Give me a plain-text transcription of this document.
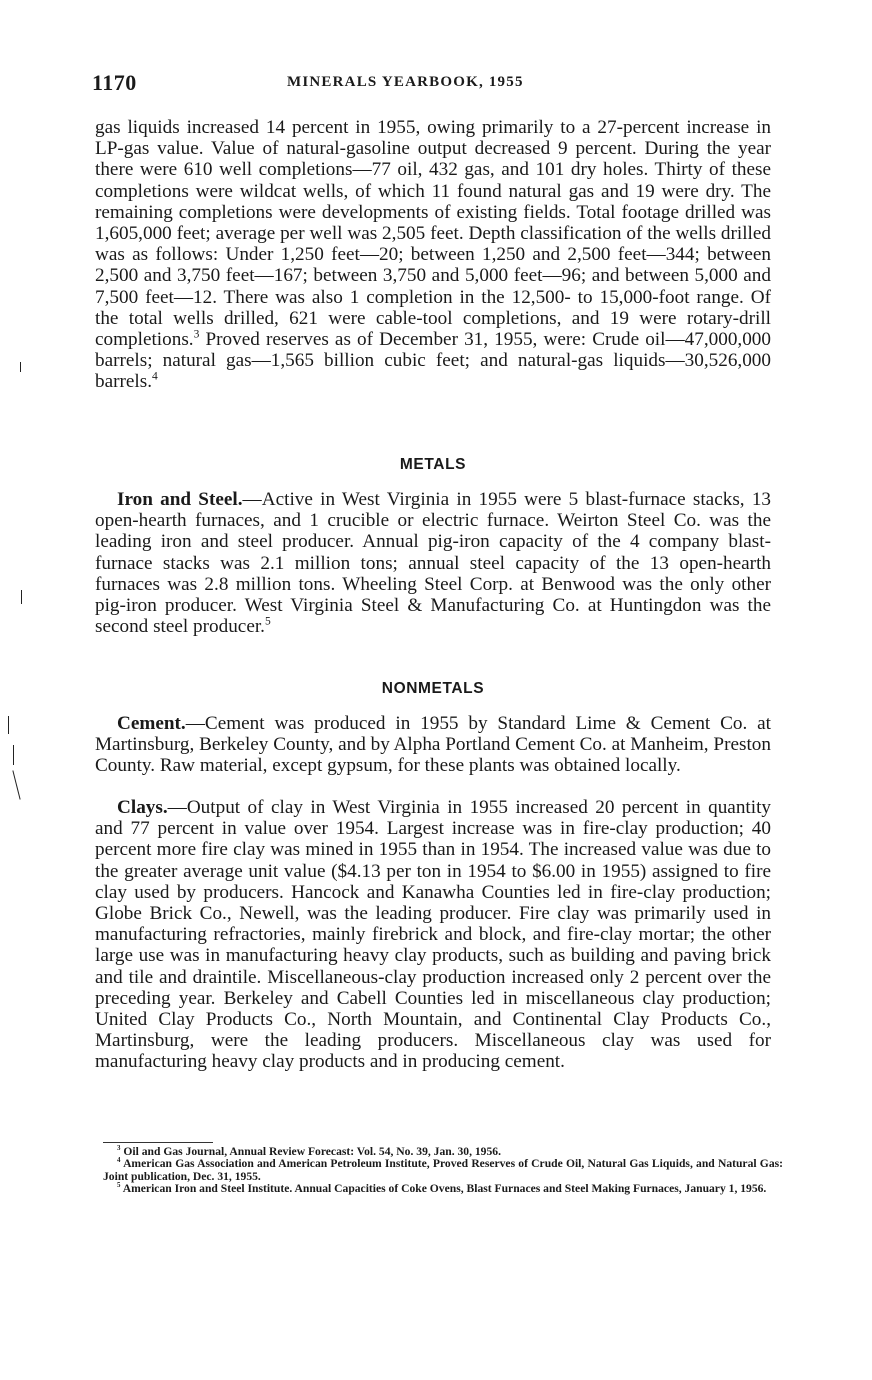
1170	MINERALS YEARBOOK, 1955
gas liquids increased 14 percent in 1955, owing primarily to a 27-percent increase in LP-gas value. Value of natural-gasoline output decreased 9 percent. During the year there were 610 well completions—77 oil, 432 gas, and 101 dry holes. Thirty of these completions were wildcat wells, of which 11 found natural gas and 19 were dry. The remaining completions were developments of existing fields. Total footage drilled was 1,605,000 feet; average per well was 2,505 feet. Depth classification of the wells drilled was as follows: Under 1,250 feet—20; between 1,250 and 2,500 feet—344; between 2,500 and 3,750 feet—167; between 3,750 and 5,000 feet—96; and between 5,000 and 7,500 feet—12. There was also 1 completion in the 12,500- to 15,000-foot range. Of the total wells drilled, 621 were cable-tool completions, and 19 were rotary-drill completions.$^3$ Proved reserves as of December 31, 1955, were: Crude oil—47,000,000 barrels; natural gas—1,565 billion cubic feet; and natural-gas liquids—30,526,000 barrels.$^4$
METALS
Iron and Steel.—Active in West Virginia in 1955 were 5 blast-furnace stacks, 13 open-hearth furnaces, and 1 crucible or electric furnace. Weirton Steel Co. was the leading iron and steel producer. Annual pig-iron capacity of the 4 company blast-furnace stacks was 2.1 million tons; annual steel capacity of the 13 open-hearth furnaces was 2.8 million tons. Wheeling Steel Corp. at Benwood was the only other pig-iron producer. West Virginia Steel & Manufacturing Co. at Huntingdon was the second steel producer.$^5$
NONMETALS
Cement.—Cement was produced in 1955 by Standard Lime & Cement Co. at Martinsburg, Berkeley County, and by Alpha Portland Cement Co. at Manheim, Preston County. Raw material, except gypsum, for these plants was obtained locally.
Clays.—Output of clay in West Virginia in 1955 increased 20 percent in quantity and 77 percent in value over 1954. Largest increase was in fire-clay production; 40 percent more fire clay was mined in 1955 than in 1954. The increased value was due to the greater average unit value ($4.13 per ton in 1954 to $6.00 in 1955) assigned to fire clay used by producers. Hancock and Kanawha Counties led in fire-clay production; Globe Brick Co., Newell, was the leading producer. Fire clay was primarily used in manufacturing refractories, mainly firebrick and block, and fire-clay mortar; the other large use was in manufacturing heavy clay products, such as building and paving brick and tile and draintile. Miscellaneous-clay production increased only 2 percent over the preceding year. Berkeley and Cabell Counties led in miscellaneous clay production; United Clay Products Co., North Mountain, and Continental Clay Products Co., Martinsburg, were the leading producers. Miscellaneous clay was used for manufacturing heavy clay products and in producing cement.
$^3$ Oil and Gas Journal, Annual Review Forecast: Vol. 54, No. 39, Jan. 30, 1956.
$^4$ American Gas Association and American Petroleum Institute, Proved Reserves of Crude Oil, Natural Gas Liquids, and Natural Gas: Joint publication, Dec. 31, 1955.
$^5$ American Iron and Steel Institute. Annual Capacities of Coke Ovens, Blast Furnaces and Steel Making Furnaces, January 1, 1956.
